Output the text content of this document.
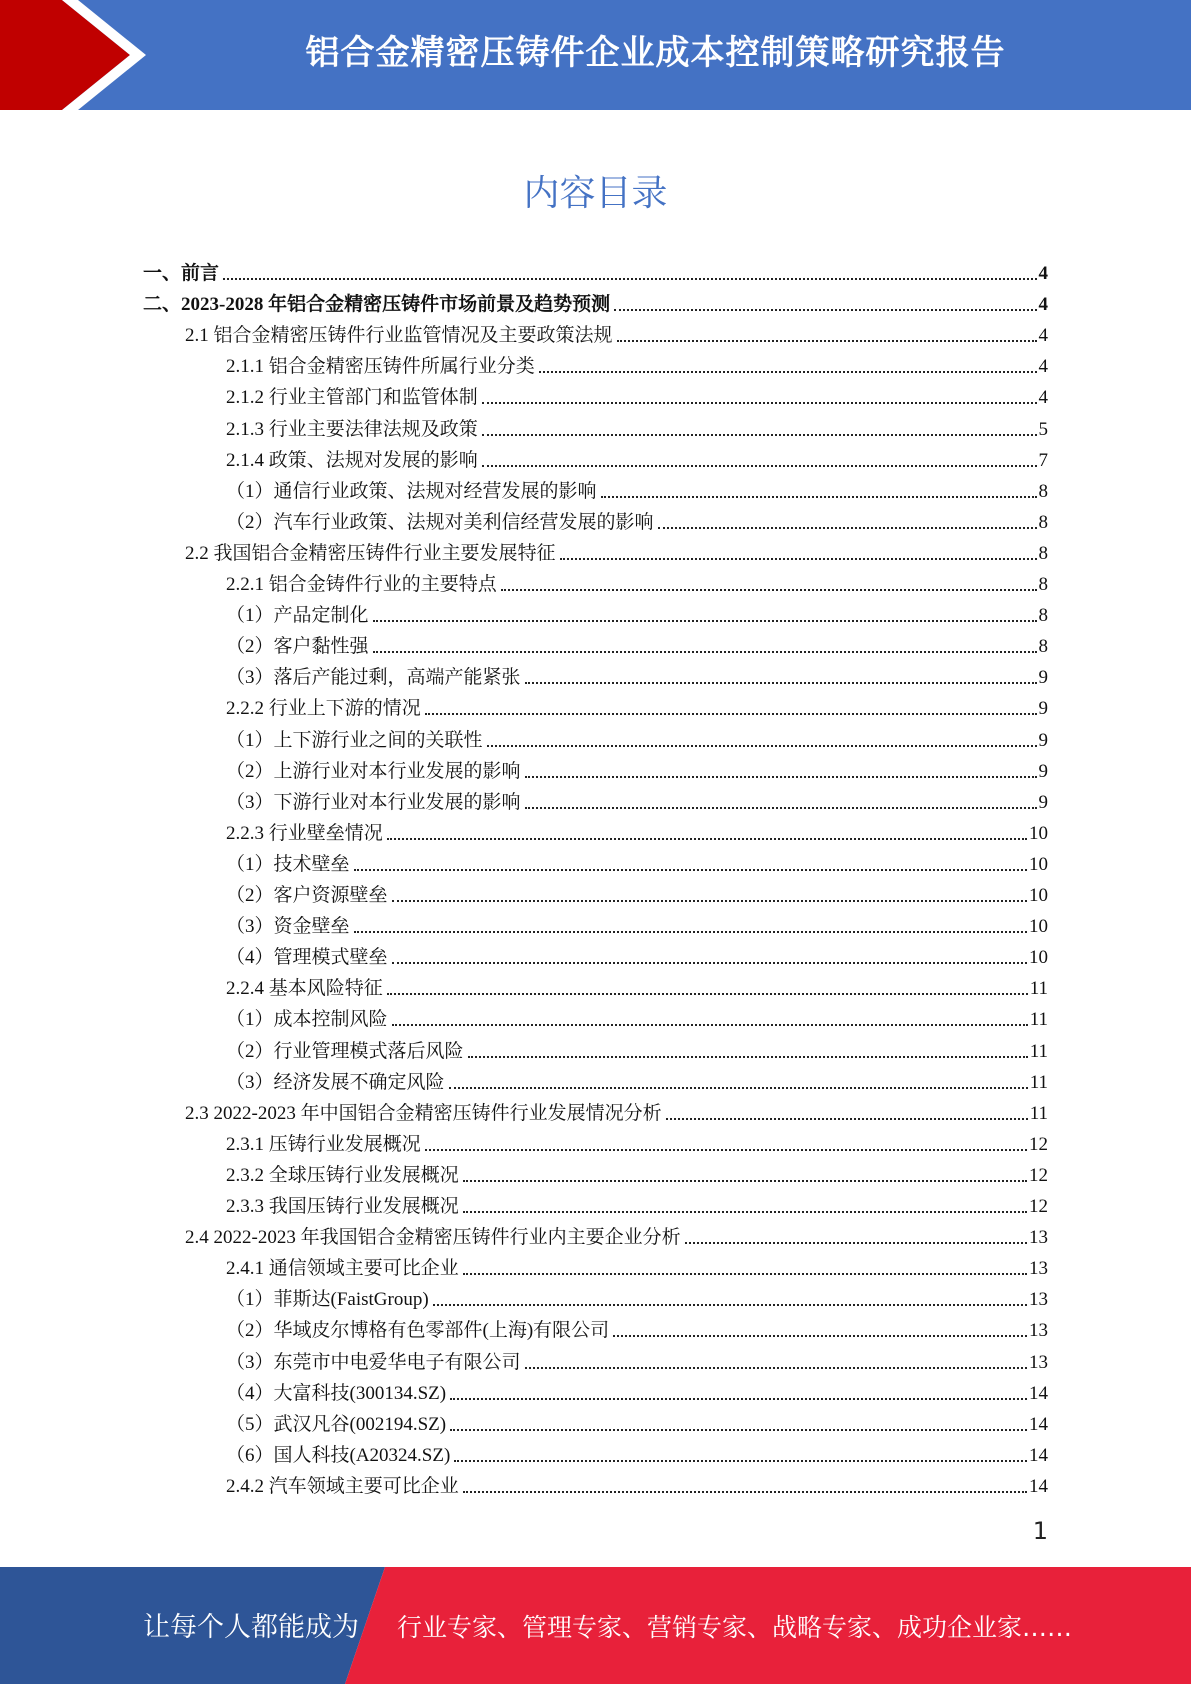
铝合金精密压铸件企业成本控制策略研究报告
内容目录
一、前言	4
二、2023-2028 年铝合金精密压铸件市场前景及趋势预测	4
2.1 铝合金精密压铸件行业监管情况及主要政策法规	4
2.1.1 铝合金精密压铸件所属行业分类	4
2.1.2 行业主管部门和监管体制	4
2.1.3 行业主要法律法规及政策	5
2.1.4 政策、法规对发展的影响	7
（1）通信行业政策、法规对经营发展的影响	8
（2）汽车行业政策、法规对美利信经营发展的影响	8
2.2 我国铝合金精密压铸件行业主要发展特征	8
2.2.1 铝合金铸件行业的主要特点	8
（1）产品定制化	8
（2）客户黏性强	8
（3）落后产能过剩，高端产能紧张	9
2.2.2 行业上下游的情况	9
（1）上下游行业之间的关联性	9
（2）上游行业对本行业发展的影响	9
（3）下游行业对本行业发展的影响	9
2.2.3 行业壁垒情况	10
（1）技术壁垒	10
（2）客户资源壁垒	10
（3）资金壁垒	10
（4）管理模式壁垒	10
2.2.4 基本风险特征	11
（1）成本控制风险	11
（2）行业管理模式落后风险	11
（3）经济发展不确定风险	11
2.3 2022-2023 年中国铝合金精密压铸件行业发展情况分析	11
2.3.1 压铸行业发展概况	12
2.3.2 全球压铸行业发展概况	12
2.3.3 我国压铸行业发展概况	12
2.4 2022-2023 年我国铝合金精密压铸件行业内主要企业分析	13
2.4.1 通信领域主要可比企业	13
（1）菲斯达(FaistGroup)	13
（2）华域皮尔博格有色零部件(上海)有限公司	13
（3）东莞市中电爱华电子有限公司	13
（4）大富科技(300134.SZ)	14
（5）武汉凡谷(002194.SZ)	14
（6）国人科技(A20324.SZ)	14
2.4.2 汽车领域主要可比企业	14
1
让每个人都能成为 行业专家、管理专家、营销专家、战略专家、成功企业家……
